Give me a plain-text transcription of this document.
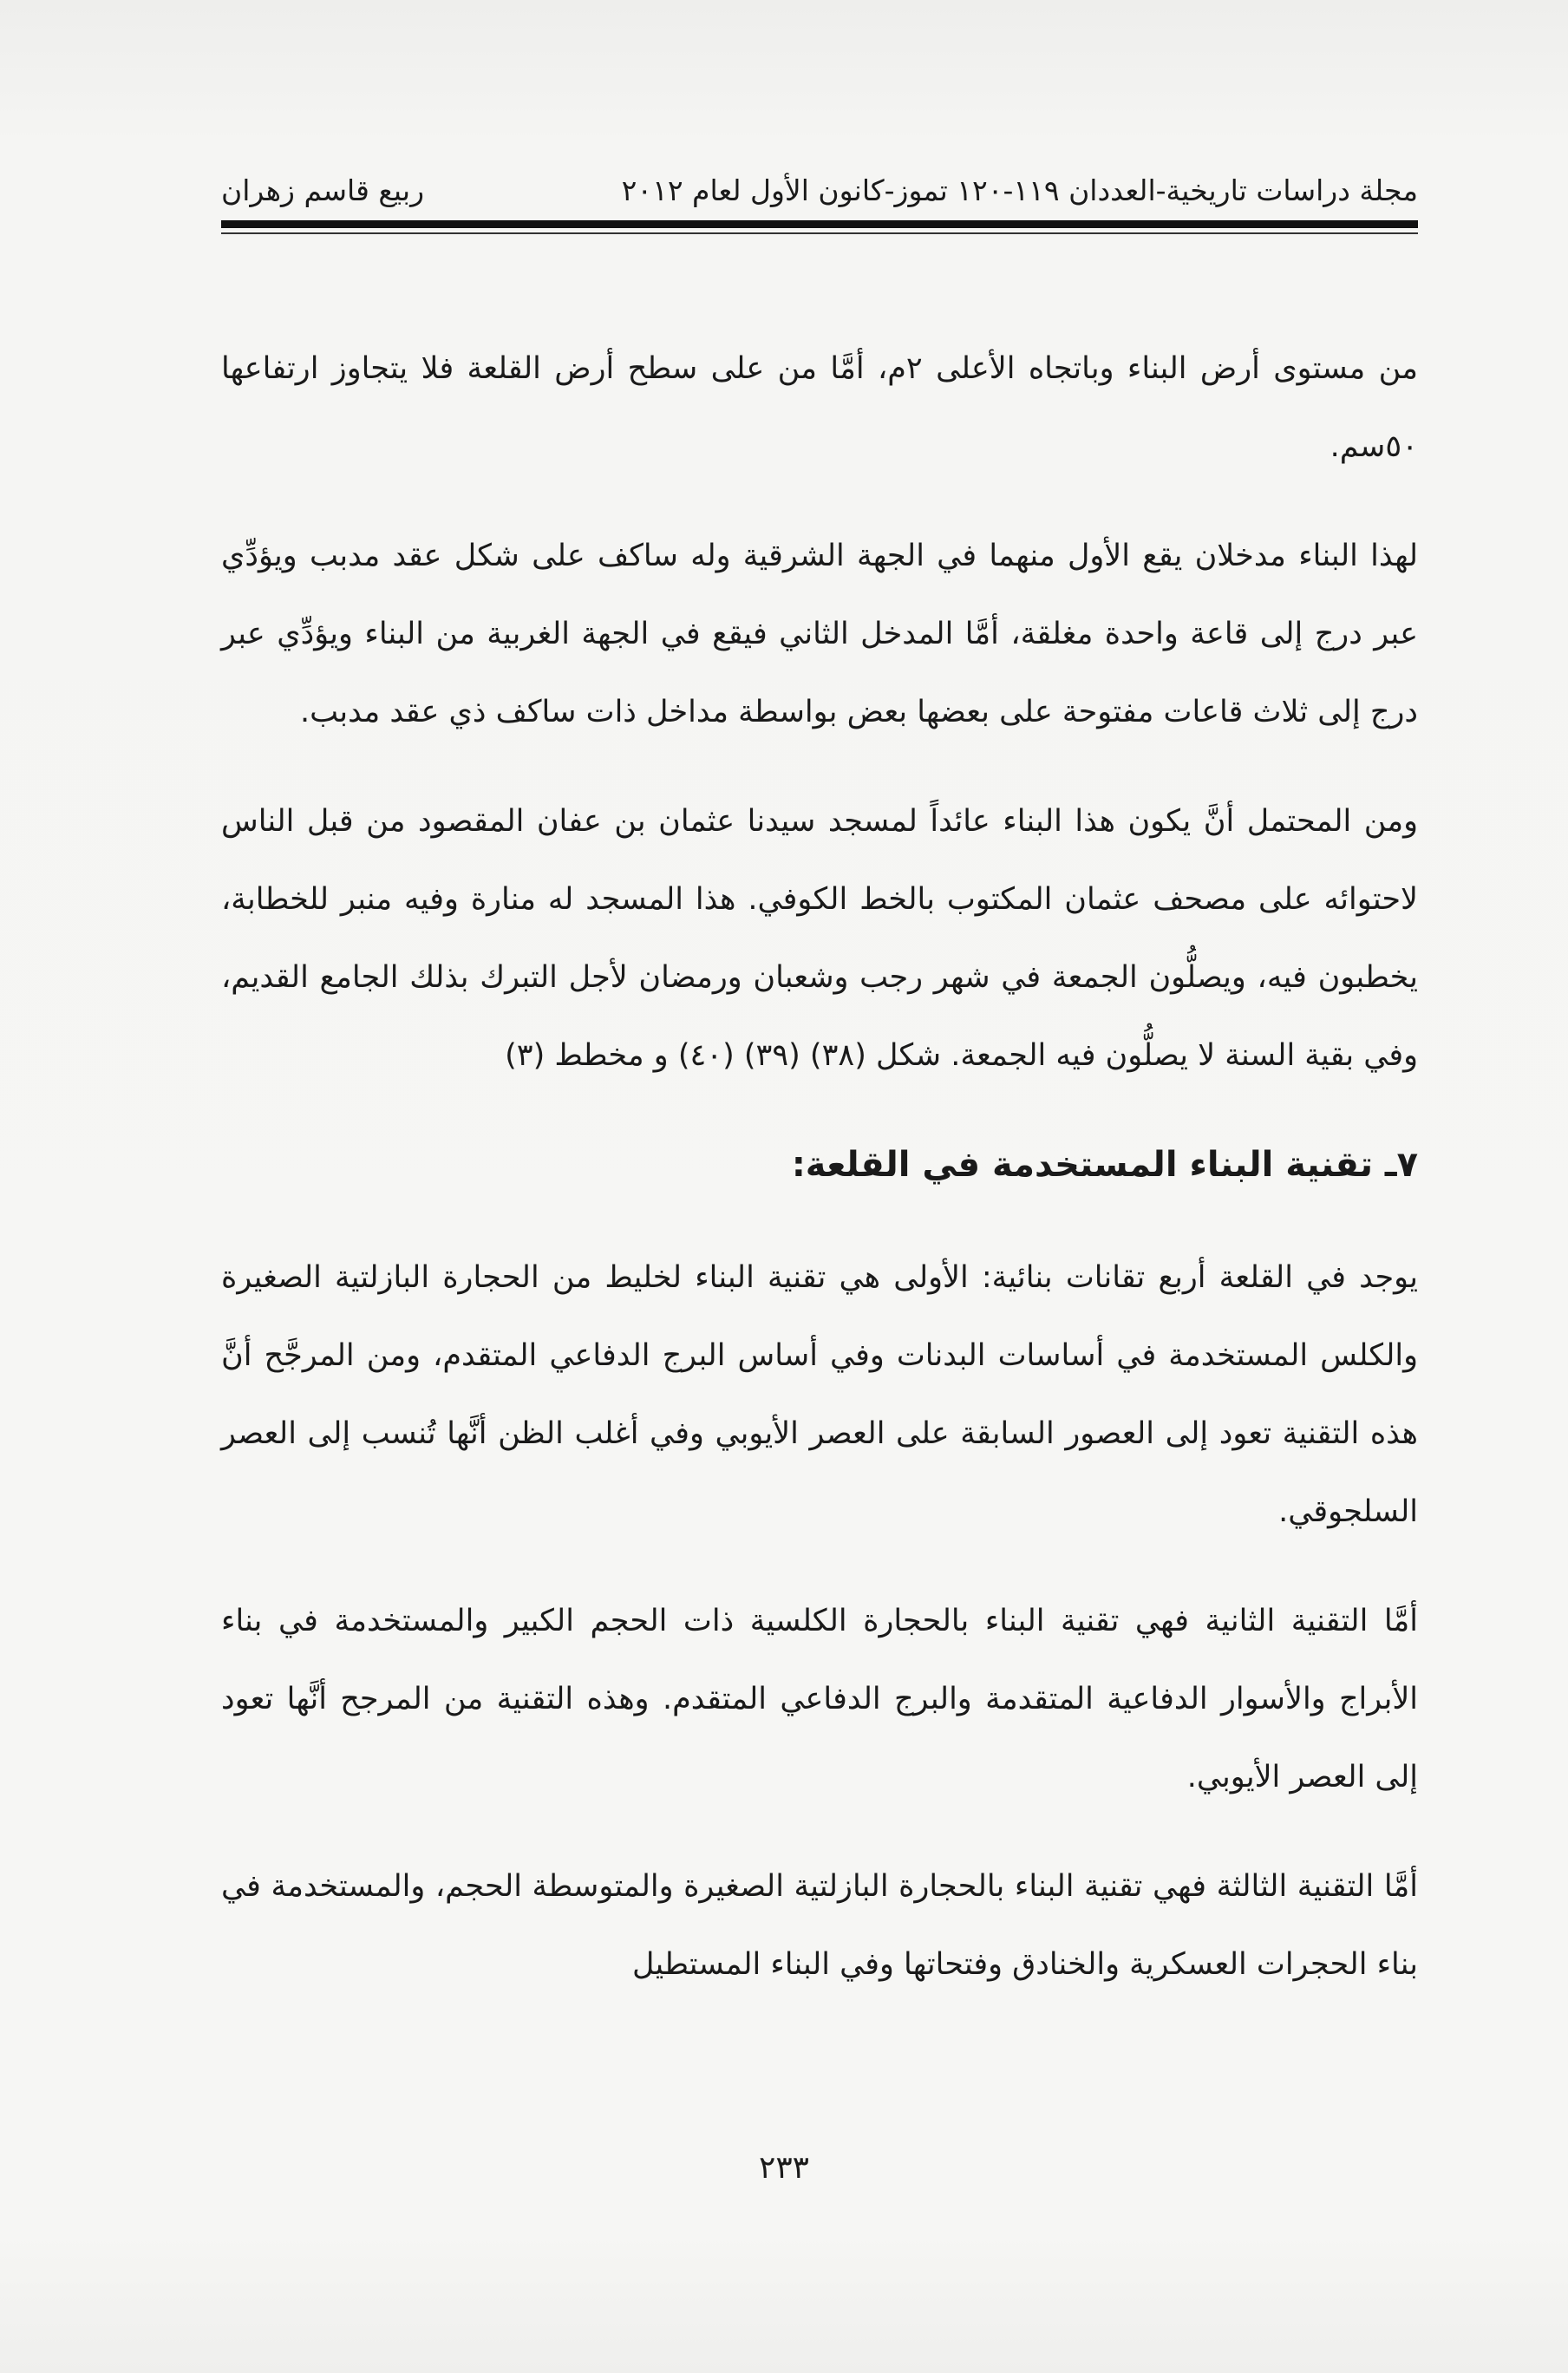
مجلة دراسات تاريخية-العددان ١١٩-١٢٠ تموز-كانون الأول لعام ٢٠١٢
ربيع قاسم زهران

من مستوى أرض البناء وباتجاه الأعلى ٢م، أمَّا من على سطح أرض القلعة فلا يتجاوز ارتفاعها ٥٠سم.

لهذا البناء مدخلان يقع الأول منهما في الجهة الشرقية وله ساكف على شكل عقد مدبب ويؤدِّي عبر درج إلى قاعة واحدة مغلقة، أمَّا المدخل الثاني فيقع في الجهة الغربية من البناء ويؤدِّي عبر درج إلى ثلاث قاعات مفتوحة على بعضها بعض بواسطة مداخل ذات ساكف ذي عقد مدبب.

ومن المحتمل أنَّ يكون هذا البناء عائداً لمسجد سيدنا عثمان بن عفان المقصود من قبل الناس لاحتوائه على مصحف عثمان المكتوب بالخط الكوفي. هذا المسجد له منارة وفيه منبر للخطابة، يخطبون فيه، ويصلُّون الجمعة في شهر رجب وشعبان ورمضان لأجل التبرك بذلك الجامع القديم، وفي بقية السنة لا يصلُّون فيه الجمعة. شكل (٣٨) (٣٩) (٤٠) و مخطط (٣)

٧ـ تقنية البناء المستخدمة في القلعة:

يوجد في القلعة أربع تقانات بنائية: الأولى هي تقنية البناء لخليط من الحجارة البازلتية الصغيرة والكلس المستخدمة في أساسات البدنات وفي أساس البرج الدفاعي المتقدم، ومن المرجَّح أنَّ هذه التقنية تعود إلى العصور السابقة على العصر الأيوبي وفي أغلب الظن أنَّها تُنسب إلى العصر السلجوقي.

أمَّا التقنية الثانية فهي تقنية البناء بالحجارة الكلسية ذات الحجم الكبير والمستخدمة في بناء الأبراج والأسوار الدفاعية المتقدمة والبرج الدفاعي المتقدم. وهذه التقنية من المرجح أنَّها تعود إلى العصر الأيوبي.

أمَّا التقنية الثالثة فهي تقنية البناء بالحجارة البازلتية الصغيرة والمتوسطة الحجم، والمستخدمة في بناء الحجرات العسكرية والخنادق وفتحاتها وفي البناء المستطيل

٢٣٣
